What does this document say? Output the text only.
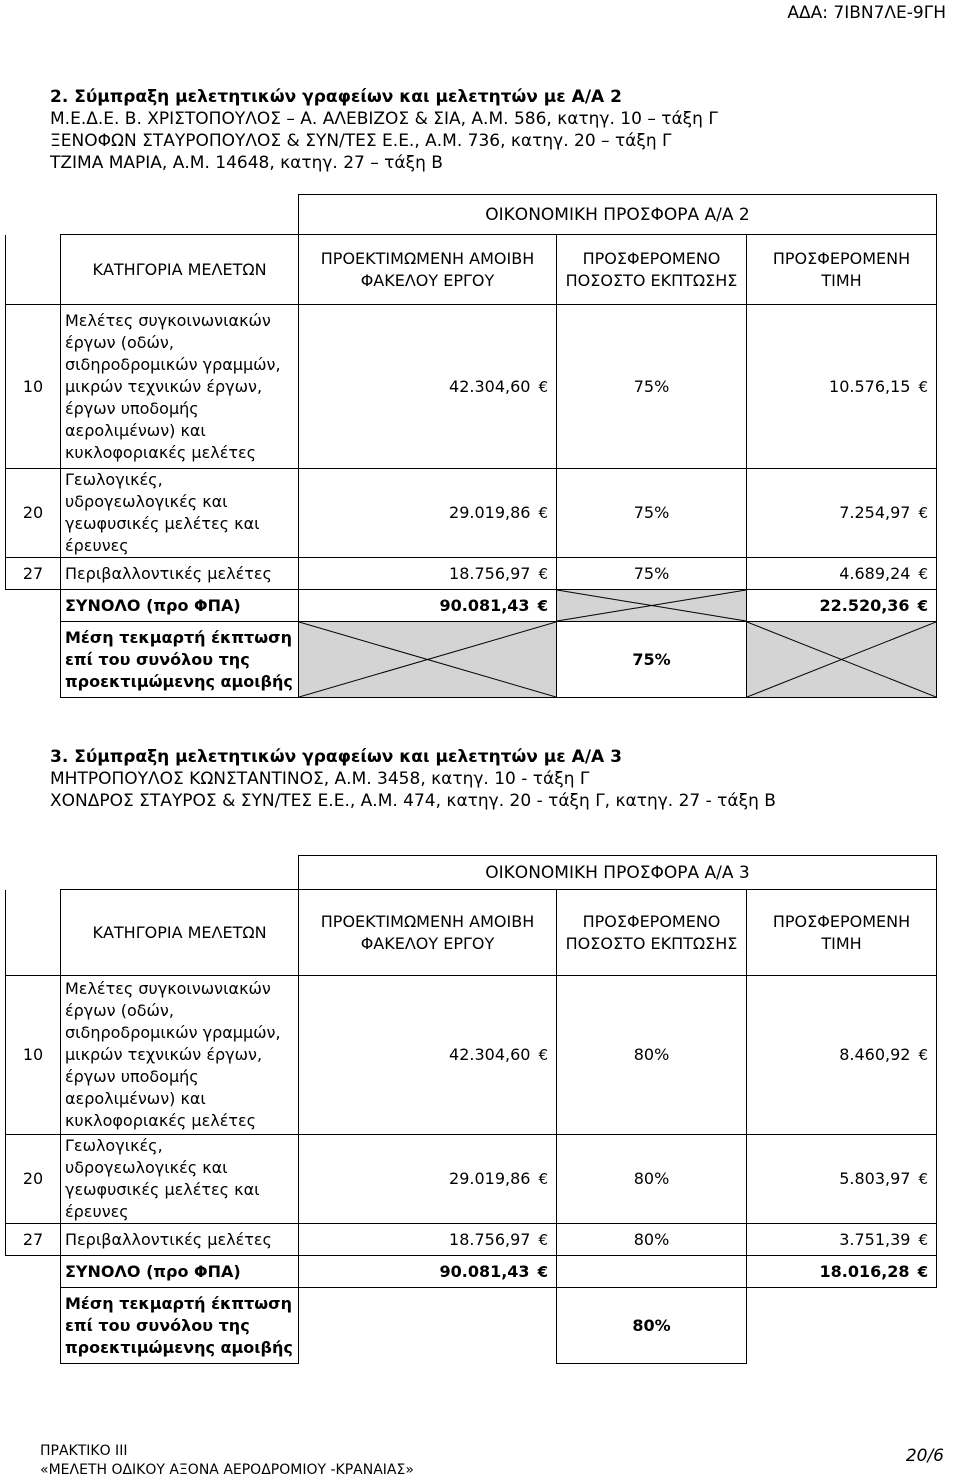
ΑΔΑ: 7ΙΒΝ7ΛΕ-9ΓΗ
2. Σύμπραξη μελετητικών γραφείων και μελετητών με Α/Α 2
Μ.Ε.Δ.Ε. Β. ΧΡΙΣΤΟΠΟΥΛΟΣ – Α. ΑΛΕΒΙΖΟΣ & ΣΙΑ, Α.Μ. 586, κατηγ. 10 – τάξη Γ
ΞΕΝΟΦΩΝ ΣΤΑΥΡΟΠΟΥΛΟΣ & ΣΥΝ/ΤΕΣ Ε.Ε., Α.Μ. 736, κατηγ. 20 – τάξη Γ
ΤΖΙΜΑ ΜΑΡΙΑ, Α.Μ. 14648, κατηγ. 27 – τάξη Β
		ΟΙΚΟΝΟΜΙΚΗ ΠΡΟΣΦΟΡΑ Α/Α 2		
	ΚΑΤΗΓΟΡΙΑ ΜΕΛΕΤΩΝ	ΠΡΟΕΚΤΙΜΩΜΕΝΗ ΑΜΟΙΒΗ ΦΑΚΕΛΟΥ ΕΡΓΟΥ	ΠΡΟΣΦΕΡΟΜΕΝΟ ΠΟΣΟΣΤΟ ΕΚΠΤΩΣΗΣ	ΠΡΟΣΦΕΡΟΜΕΝΗ ΤΙΜΗ
10	Μελέτες συγκοινωνιακών έργων (οδών, σιδηροδρομικών γραμμών, μικρών τεχνικών έργων, έργων υποδομής αερολιμένων) και κυκλοφοριακές μελέτες	42.304,60 €	75%	10.576,15 €
20	Γεωλογικές, υδρογεωλογικές και γεωφυσικές μελέτες και έρευνες	29.019,86 €	75%	7.254,97 €
27	Περιβαλλοντικές μελέτες	18.756,97 €	75%	4.689,24 €
	ΣΥΝΟΛΟ (προ ΦΠΑ)	90.081,43 €		22.520,36 €
	Μέση τεκμαρτή έκπτωση επί του συνόλου της προεκτιμώμενης αμοιβής		75%	
3. Σύμπραξη μελετητικών γραφείων και μελετητών με Α/Α 3
ΜΗΤΡΟΠΟΥΛΟΣ ΚΩΝΣΤΑΝΤΙΝΟΣ, Α.Μ. 3458, κατηγ. 10 - τάξη Γ
ΧΟΝΔΡΟΣ ΣΤΑΥΡΟΣ & ΣΥΝ/ΤΕΣ Ε.Ε., Α.Μ. 474, κατηγ. 20 - τάξη Γ, κατηγ. 27 - τάξη Β
		ΟΙΚΟΝΟΜΙΚΗ ΠΡΟΣΦΟΡΑ Α/Α 3		
	ΚΑΤΗΓΟΡΙΑ ΜΕΛΕΤΩΝ	ΠΡΟΕΚΤΙΜΩΜΕΝΗ ΑΜΟΙΒΗ ΦΑΚΕΛΟΥ ΕΡΓΟΥ	ΠΡΟΣΦΕΡΟΜΕΝΟ ΠΟΣΟΣΤΟ ΕΚΠΤΩΣΗΣ	ΠΡΟΣΦΕΡΟΜΕΝΗ ΤΙΜΗ
10	Μελέτες συγκοινωνιακών έργων (οδών, σιδηροδρομικών γραμμών, μικρών τεχνικών έργων, έργων υποδομής αερολιμένων) και κυκλοφοριακές μελέτες	42.304,60 €	80%	8.460,92 €
20	Γεωλογικές, υδρογεωλογικές και γεωφυσικές μελέτες και έρευνες	29.019,86 €	80%	5.803,97 €
27	Περιβαλλοντικές μελέτες	18.756,97 €	80%	3.751,39 €
	ΣΥΝΟΛΟ (προ ΦΠΑ)	90.081,43 €		18.016,28 €
	Μέση τεκμαρτή έκπτωση επί του συνόλου της προεκτιμώμενης αμοιβής		80%	
ΠΡΑΚΤΙΚΟ ΙΙΙ
«ΜΕΛΕΤΗ ΟΔΙΚΟΥ ΑΞΟΝΑ ΑΕΡΟΔΡΟΜΙΟΥ -ΚΡΑΝΑΙΑΣ»
20/6
